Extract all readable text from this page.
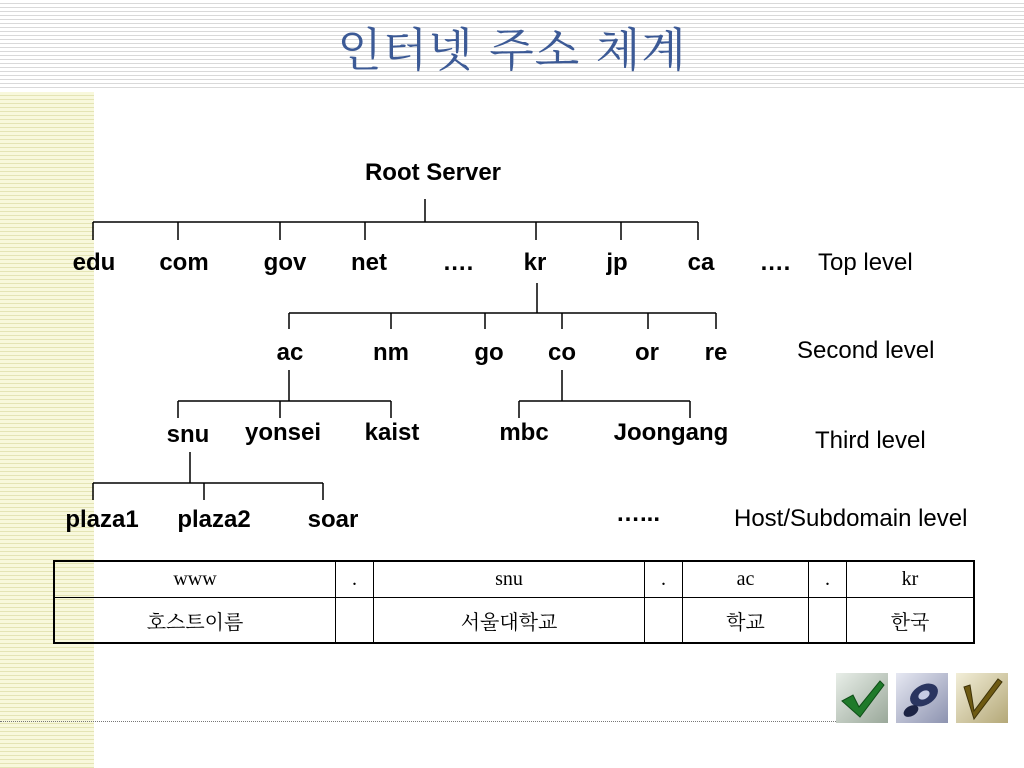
인터넷 주소 체계
Root Server
edu com gov net …. kr jp ca ….
ac	nm	go co or re
snu yonsei kaist	mbc	Joongang
plaza1 plaza2 soar	…...
Top level
Second level
Third level
Host/Subdomain level
www	.	snu	.	ac	.	kr
호스트이름		서울대학교		학교		한국
